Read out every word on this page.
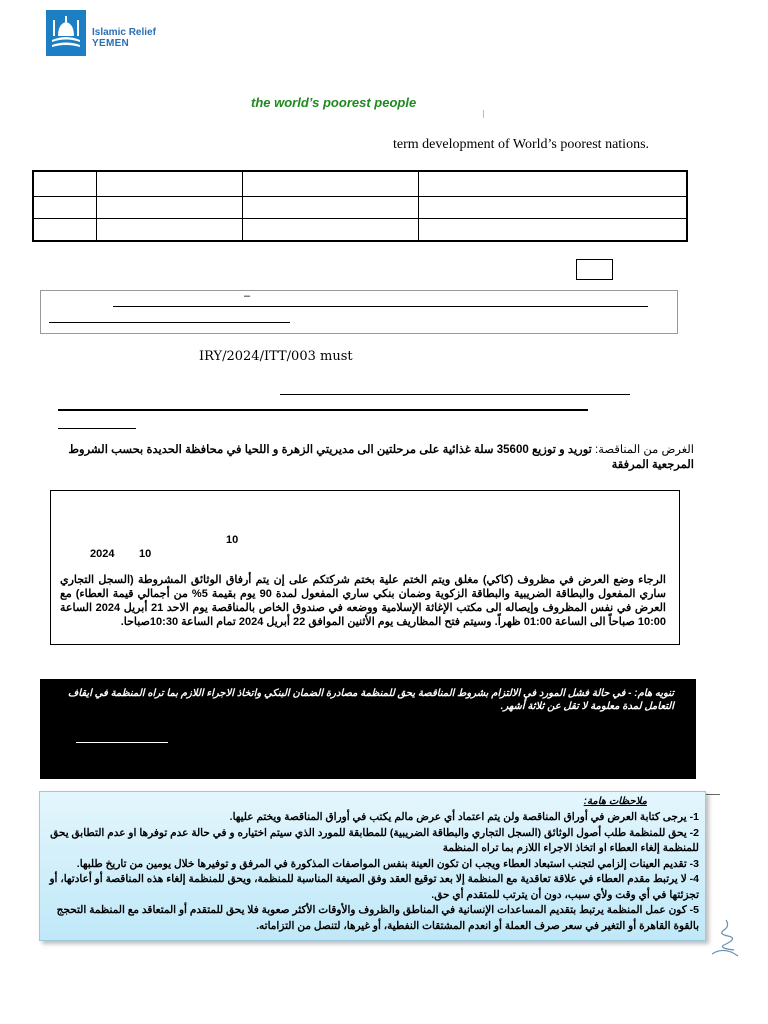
Islamic Relief
YEMEN
the world’s poorest people
term development of World’s poorest nations.
–
IRY/2024/ITT/003 must
الغرض من المناقصة: توريد و توزيع 35600 سلة غذائية على مرحلتين الى مديريتي الزهرة و اللحيا في محافظة الحديدة بحسب الشروط المرجعية المرفقة
10
2024 10
الرجاء وضع العرض في مظروف (كاكي) مغلق ويتم الختم علية بختم شركتكم على إن يتم أرفاق الوثائق المشروطة (السجل التجاري ساري المفعول والبطاقة الضريبية والبطاقة الزكوية وضمان بنكي ساري المفعول لمدة 90 يوم بقيمة 5% من أجمالي قيمة العطاء) مع العرض في نفس المظروف وإيصاله الى مكتب الإغاثة الإسلامية ووضعه في صندوق الخاص بالمناقصة يوم الاحد 21 أبريل 2024 الساعة 10:00 صباحاً الى الساعة 01:00 ظهراً. وسيتم فتح المظاريف يوم الأثنين الموافق 22 أبريل 2024 تمام الساعة 10:30صباحا.
تنويه هام: - في حالة فشل المورد في الالتزام بشروط المناقصة يحق للمنظمة مصادرة الضمان البنكي واتخاذ الاجراء اللازم بما تراه المنظمة في ايقاف التعامل لمدة معلومة لا تقل عن ثلاثة أشهر.
ملاحظات هامة:
1- يرجى كتابة العرض في أوراق المناقصة ولن يتم اعتماد أي عرض مالم يكتب في أوراق المناقصة ويختم عليها.
2- يحق للمنظمة طلب أصول الوثائق (السجل التجاري والبطاقة الضريبية) للمطابقة للمورد الذي سيتم اختياره و في حالة عدم توفرها او عدم التطابق يحق للمنظمة إلغاء العطاء او اتخاذ الاجراء اللازم بما تراه المنظمة
3- تقديم العينات إلزامي لتجنب استبعاد العطاء ويجب ان تكون العينة بنفس المواصفات المذكورة في المرفق و توفيرها خلال يومين من تاريخ طلبها.
4- لا يرتبط مقدم العطاء في علاقة تعاقدية مع المنظمة إلا بعد توقيع العقد وفق الصيغة المناسبة للمنظمة، ويحق للمنظمة إلغاء هذه المناقصة أو أعادتها، أو تجزئتها في أي وقت ولأي سبب، دون أن يترتب للمتقدم أي حق.
5- كون عمل المنظمة يرتبط بتقديم المساعدات الإنسانية في المناطق والظروف والأوقات الأكثر صعوبة فلا يحق للمتقدم أو المتعاقد مع المنظمة التحجج بالقوة القاهرة أو التغير في سعر صرف العملة أو انعدم المشتقات النفطية، أو غيرها، لتنصل من التزاماته.
